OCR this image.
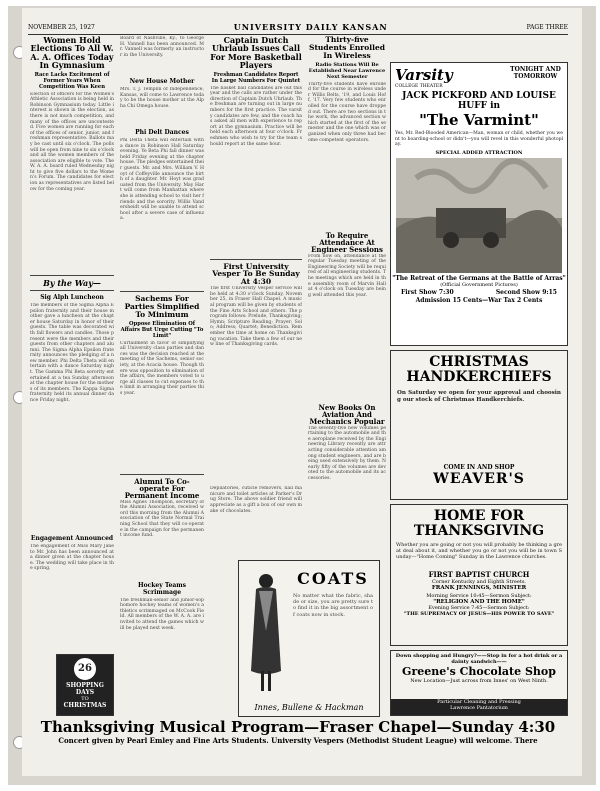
NOVEMBER 25, 1927	UNIVERSITY DAILY KANSAN	PAGE THREE
Women Hold Elections To All W. A. A. Offices Today In Gymnasium
Race Lacks Excitement of Former Years When Competition Was Keen
Election of officers for the Women's Athletic Association is being held in Robinson Gymnasium today. Little interest is shown in the election, as there is not much competition, and many of the offices are uncontested. Five women are running for each of the offices of senior, junior, and freshman representative. Ballots may be cast until six o'clock. The polls will be open from nine to six o'clock and all the women members of the association are eligible to vote. The W. A. A. board ruled Wednesday night to give five dollars to the Women's Forum. The candidates for election as representatives are listed below for the coming year.
By the Way—
Sig Alph Luncheon
The members of the Sigma Alpha Epsilon fraternity and their house mother gave a luncheon at the chapter house Saturday in honor of their guests. The table was decorated with fall flowers and candles. Those present were the members and their guests from other chapters and alumni. The Sigma Alpha Epsilon fraternity announces the pledging of a new member. Phi Delta Theta will entertain with a dance Saturday night. The Gamma Phi Beta sorority entertained at a tea Sunday afternoon at the chapter house for the mothers of its members. The Kappa Sigma fraternity held its annual dinner dance Friday night.
Engagement Announced
The engagement of Miss Mary Jane to Mr. John has been announced at a dinner given at the chapter house. The wedding will take place in the spring.
26
SHOPPING DAYS
TO
CHRISTMAS
Board of Nashville, Ky., to George H. Vannell has been announced. Mr. Vannell was formerly an instructor in the University.
New House Mother
Mrs. T. J. Templin of Independence, Kansas, will come to Lawrence today to be the house mother at the Alpha Chi Omega house.
Phi Delt Dances
Phi Delta Theta will entertain with a dance in Robinson Hall Saturday evening. Ye Beta Phi fall dinner was held Friday evening at the chapter house. The pledges entertained their guests. Mr. and Mrs. William V. Hoyt of Coffeyville announce the birth of a daughter. Mr. Hoyt was graduated from the University. May Hart will come from Manhattan where she is attending school to visit her friends and the sorority. Willis Vandersheidt will be unable to attend school after a severe case of influenza.
Sachems For Parties Simplified To Minimum
Oppose Elimination Of Affairs But Urge Cutting "To Limit"
Curtailment in favor of simplifying all University class parties and dances was the decision reached at the meeting of the Sachems, senior society, at the Acacia house. Though there was opposition to elimination of the affairs, the members voted to urge all classes to cut expenses to the limit in arranging their parties this year.
Alumni To Co-operate For Permanent Income
Miss Agnes Thompson, secretary of the Alumni Association, received word this morning from the Alumni Association of the State Normal Training School that they will co-operate in the campaign for the permanent income fund.
Hockey Teams Scrimmage
The freshman-senior and junior-sophomore hockey teams of women's athletics scrimmaged on McCook Field. All members of the W. A. A. are invited to attend the games which will be played next week.
Captain Dutch Uhrlaub Issues Call For More Basketball Players
Freshman Candidates Report In Large Numbers For Quintet
The basket ball candidates are out this year and the calls are rather under the direction of Captain Dutch Uhrlaub. The freshman are turning out in large numbers for the first practice. The varsity candidates are few, and the coach has asked all men with experience to report at the gymnasium. Practice will be held each afternoon at four o'clock. Freshmen who wish to try for the team should report at the same hour.
First University Vesper To Be Sunday At 4:30
The first University Vesper service will be held at 4:30 o'clock Sunday, November 25, in Fraser Hall Chapel. A musical program will be given by students of the Fine Arts School and others. The program follows: Prelude, Thanksgiving; Hymn; Scripture Reading; Prayer; Solo; Address; Quartet; Benediction. Remember the time at home on Thanksgiving vacation. Take them a few of our new line of Thanksgiving cards.
Depilatories, cuticle removers, nail manicure and toilet articles at Parker's Drug Store. The above soldier friend will appreciate as a gift a box of our own make of chocolates.
COATS
No matter what the fabric, shade or size, you are pretty sure to find it in the big assortment of coats now in stock.
Innes, Bullene & Hackman
Thirty-five Students Enrolled In Wireless
Radio Stations Will Be Established Near Lawrence Next Semester
Thirty-five students have enrolled for the course in wireless under Willis Belts, '19, and Louis Hoff, '17. Very few students who enrolled for the course have dropped out. There are two sections in the work, the advanced section which started at the first of the semester and the one which was organized when only three had become competent operators.
To Require Attendance At Engineer Sessions
From now on, attendance at the regular Tuesday meeting of the Engineering Society will be required of all engineering students. The meetings which are held in the assembly room of Marvin Hall at 4 o'clock on Tuesday are being well attended this year.
New Books On Aviation And Mechanics Popular
The seventy-five new volumes pertaining to the automobile and the aeroplane received by the Engineering Library recently are attracting considerable attention among student engineers, and are being used extensively by them. Nearly fifty of the volumes are devoted to the automobile and its accessories.
Varsity
COLLEGE THEATER
TONIGHT AND TOMORROW
JACK PICKFORD AND LOUISE HUFF in
"The Varmint"
Yes, Mr. Red-Blooded American—Man, woman or child, whether you went to boarding-school or didn't—you will revel in this wonderful photoplay.
SPECIAL ADDED ATTRACTION
"The Retreat of the Germans at the Battle of Arras"
(Official Government Pictures)
First Show 7:30	Second Show 9:15
Admission 15 Cents—War Tax 2 Cents
CHRISTMAS HANDKERCHIEFS
On Saturday we open for your approval and choosing our stock of Christmas Handkerchiefs.
COME IN AND SHOP
WEAVER'S
HOME FOR THANKSGIVING
Whether you are going or not you will probably be thinking a great deal about it, and whether you go or not you will be in town Sunday—"Home Coming" Sunday in the Lawrence churches.
FIRST BAPTIST CHURCH
Corner Kentucky and Eighth Streets.
FRANK JENNINGS, MINISTER
Morning Service 10:45—Sermon Subject:
"RELIGION AND THE HOME"
Evening Service 7:45—Sermon Subject:
"THE SUPREMACY OF JESUS—HIS POWER TO SAVE"
Down shopping and Hungry?——Stop in for a hot drink or a dainty sandwich——
Greene's Chocolate Shop
New Location—Just across from Innes' on West Ninth.
Particular Cleaning and Pressing
Lawrence Pantatorium
Thanksgiving Musical Program—Fraser Chapel—Sunday 4:30
Concert given by Pearl Emley and Fine Arts Students. University Vespers (Methodist Student League) will welcome. There
